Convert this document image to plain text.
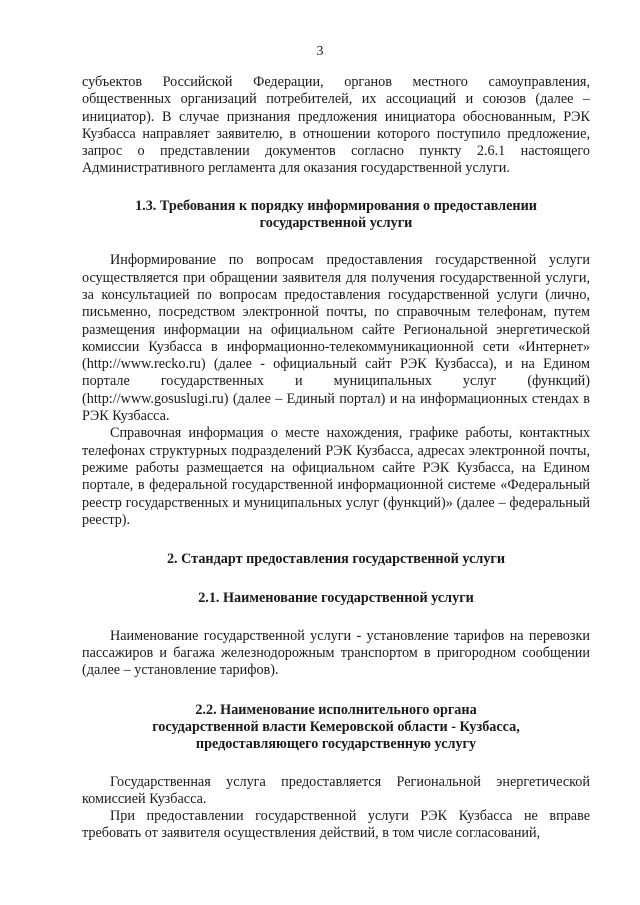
3

субъектов Российской Федерации, органов местного самоуправления, общественных организаций потребителей, их ассоциаций и союзов (далее – инициатор). В случае признания предложения инициатора обоснованным, РЭК Кузбасса направляет заявителю, в отношении которого поступило предложение, запрос о представлении документов согласно пункту 2.6.1 настоящего Административного регламента для оказания государственной услуги.

1.3. Требования к порядку информирования о предоставлении государственной услуги

Информирование по вопросам предоставления государственной услуги осуществляется при обращении заявителя для получения государственной услуги, за консультацией по вопросам предоставления государственной услуги (лично, письменно, посредством электронной почты, по справочным телефонам, путем размещения информации на официальном сайте Региональной энергетической комиссии Кузбасса в информационно-телекоммуникационной сети «Интернет» (http://www.recko.ru) (далее - официальный сайт РЭК Кузбасса), и на Едином портале государственных и муниципальных услуг (функций) (http://www.gosuslugi.ru) (далее – Единый портал) и на информационных стендах в РЭК Кузбасса.

Справочная информация о месте нахождения, графике работы, контактных телефонах структурных подразделений РЭК Кузбасса, адресах электронной почты, режиме работы размещается на официальном сайте РЭК Кузбасса, на Едином портале, в федеральной государственной информационной системе «Федеральный реестр государственных и муниципальных услуг (функций)» (далее – федеральный реестр).

2. Стандарт предоставления государственной услуги
2.1. Наименование государственной услуги

Наименование государственной услуги - установление тарифов на перевозки пассажиров и багажа железнодорожным транспортом в пригородном сообщении (далее – установление тарифов).

2.2. Наименование исполнительного органа
государственной власти Кемеровской области - Кузбасса,
предоставляющего государственную услугу

Государственная услуга предоставляется Региональной энергетической комиссией Кузбасса.

При предоставлении государственной услуги РЭК Кузбасса не вправе требовать от заявителя осуществления действий, в том числе согласований,
